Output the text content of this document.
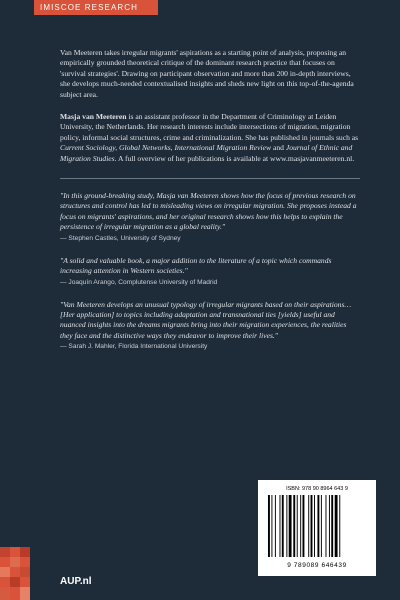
IMISCOE RESEARCH

Van Meeteren takes irregular migrants' aspirations as a starting point of analysis, proposing an empirically grounded theoretical critique of the dominant research practice that focuses on 'survival strategies'. Drawing on participant observation and more than 200 in-depth interviews, she develops much-needed contextualised insights and sheds new light on this top-of-the-agenda subject area.

Masja van Meeteren is an assistant professor in the Department of Criminology at Leiden University, the Netherlands. Her research interests include intersections of migration, migration policy, informal social structures, crime and criminalization. She has published in journals such as Current Sociology, Global Networks, International Migration Review and Journal of Ethnic and Migration Studies. A full overview of her publications is available at www.masjavanmeeteren.nl.

"In this ground-breaking study, Masja van Meeteren shows how the focus of previous research on structures and control has led to misleading views on irregular migration. She proposes instead a focus on migrants' aspirations, and her original research shows how this helps to explain the persistence of irregular migration as a global reality."
— Stephen Castles, University of Sydney
"A solid and valuable book, a major addition to the literature of a topic which commands increasing attention in Western societies."
— Joaquín Arango, Complutense University of Madrid
"Van Meeteren develops an unusual typology of irregular migrants based on their aspirations… [Her application] to topics including adaptation and transnational ties [yields] useful and nuanced insights into the dreams migrants bring into their migration experiences, the realities they face and the distinctive ways they endeavor to improve their lives."
— Sarah J. Mahler, Florida International University
ISBN: 978 90 8964 643 9
9 789089 646439
AUP.nl
